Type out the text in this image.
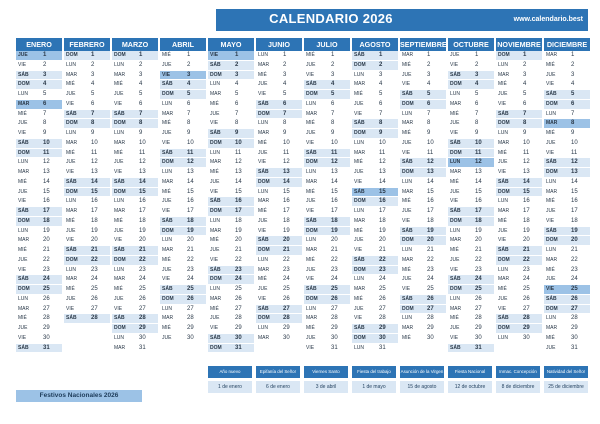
CALENDARIO 2026	www.calendario.best
ENERO
JUE	1
VIE	2
SÁB 3
DOM 4
LUN 5
MAR 6
MIÉ	7
JUE	8
VIE	9
SÁB 10
DOM 11
LUN 12
MAR 13
MIÉ	14
JUE	15
VIE	16
SÁB 17
DOM 18
LUN 19
MAR 20
MIÉ	21
JUE	22
VIE	23
SÁB 24
DOM 25
LUN 26
MAR 27
MIÉ	28
JUE	29
VIE	30
SÁB 31
FEBRERO
DOM 1
LUN 2
MAR 3
MIÉ	4
JUE	5
VIE	6
SÁB 7
DOM 8
LUN 9
MAR 10
MIÉ	11
JUE	12
VIE	13
SÁB 14
DOM 15
LUN 16
MAR 17
MIÉ	18
JUE	19
VIE	20
SÁB 21
DOM 22
LUN 23
MAR 24
MIÉ	25
JUE	26
VIE	27
SÁB 28
MARZO
DOM 1
LUN 2
MAR 3
MIÉ	4
JUE	5
VIE	6
SÁB 7
DOM 8
LUN 9
MAR 10
MIÉ	11
JUE	12
VIE	13
SÁB 14
DOM 15
LUN 16
MAR 17
MIÉ	18
JUE	19
VIE	20
SÁB 21
DOM 22
LUN 23
MAR 24
MIÉ	25
JUE	26
VIE	27
SÁB 28
DOM 29
LUN 30
MAR 31
ABRIL
MIÉ	1
JUE	2
VIE	3
SÁB 4
DOM 5
LUN 6
MAR 7
MIÉ	8
JUE	9
VIE	10
SÁB 11
DOM 12
LUN 13
MAR 14
MIÉ	15
JUE	16
VIE	17
SÁB 18
DOM 19
LUN 20
MAR 21
MIÉ	22
JUE	23
VIE	24
SÁB 25
DOM 26
LUN 27
MAR 28
MIÉ	29
JUE	30
MAYO
VIE	1
SÁB 2
DOM 3
LUN 4
MAR 5
MIÉ	6
JUE	7
VIE	8
SÁB 9
DOM 10
LUN 11
MAR 12
MIÉ	13
JUE	14
VIE	15
SÁB 16
DOM 17
LUN 18
MAR 19
MIÉ	20
JUE	21
VIE	22
SÁB 23
DOM 24
LUN 25
MAR 26
MIÉ	27
JUE	28
VIE	29
SÁB 30
DOM 31
JUNIO
LUN 1
MAR 2
MIÉ	3
JUE	4
VIE	5
SÁB 6
DOM 7
LUN 8
MAR 9
MIÉ	10
JUE	11
VIE	12
SÁB 13
DOM 14
LUN 15
MAR 16
MIÉ	17
JUE	18
VIE	19
SÁB 20
DOM 21
LUN 22
MAR 23
MIÉ	24
JUE	25
VIE	26
SÁB 27
DOM 28
LUN 29
MAR 30
JULIO
MIÉ	1
JUE	2
VIE	3
SÁB 4
DOM 5
LUN 6
MAR 7
MIÉ	8
JUE	9
VIE	10
SÁB 11
DOM 12
LUN 13
MAR 14
MIÉ	15
JUE	16
VIE	17
SÁB 18
DOM 19
LUN 20
MAR 21
MIÉ	22
JUE	23
VIE	24
SÁB 25
DOM 26
LUN 27
MAR 28
MIÉ	29
JUE	30
VIE	31
AGOSTO
SÁB 1
DOM 2
LUN 3
MAR 4
MIÉ	5
JUE	6
VIE	7
SÁB 8
DOM 9
LUN 10
MAR 11
MIÉ	12
JUE	13
VIE	14
SÁB 15
DOM 16
LUN 17
MAR 18
MIÉ	19
JUE	20
VIE	21
SÁB 22
DOM 23
LUN 24
MAR 25
MIÉ	26
JUE	27
VIE	28
SÁB 29
DOM 30
LUN 31
SEPTIEMBRE
MAR 1
MIÉ	2
JUE	3
VIE	4
SÁB 5
DOM 6
LUN 7
MAR 8
MIÉ	9
JUE	10
VIE	11
SÁB 12
DOM 13
LUN 14
MAR 15
MIÉ	16
JUE	17
VIE	18
SÁB 19
DOM 20
LUN 21
MAR 22
MIÉ	23
JUE	24
VIE	25
SÁB 26
DOM 27
LUN 28
MAR 29
MIÉ	30
OCTUBRE
JUE	1
VIE	2
SÁB 3
DOM 4
LUN 5
MAR 6
MIÉ	7
JUE	8
VIE	9
SÁB 10
DOM 11
LUN 12
MAR 13
MIÉ	14
JUE	15
VIE	16
SÁB 17
DOM 18
LUN 19
MAR 20
MIÉ	21
JUE	22
VIE	23
SÁB 24
DOM 25
LUN 26
MAR 27
MIÉ	28
JUE	29
VIE	30
SÁB 31
NOVIEMBRE
DOM 1
LUN 2
MAR 3
MIÉ	4
JUE	5
VIE	6
SÁB 7
DOM 8
LUN 9
MAR 10
MIÉ	11
JUE	12
VIE	13
SÁB 14
DOM 15
LUN 16
MAR 17
MIÉ	18
JUE	19
VIE	20
SÁB 21
DOM 22
LUN 23
MAR 24
MIÉ	25
JUE	26
VIE	27
SÁB 28
DOM 29
LUN 30
DICIEMBRE
MAR 1
MIÉ	2
JUE	3
VIE	4
SÁB 5
DOM 6
LUN 7
MAR 8
MIÉ	9
JUE	10
VIE	11
SÁB 12
DOM 13
LUN 14
MAR 15
MIÉ	16
JUE	17
VIE	18
SÁB 19
DOM 20
LUN 21
MAR 22
MIÉ	23
JUE	24
VIE	25
SÁB 26
DOM 27
LUN 28
MAR 29
MIÉ	30
JUE	31
Festivos Nacionales 2026
Año nuevo
1 de enero
Epifanía del Señor
6 de enero
Viernes Santo
3 de abril
Fiesta del trabajo
1 de mayo
Asunción de la Virgen
15 de agosto
Fiesta Nacional
12 de octubre
Inmac. Concepción
8 de diciembre
Natividad del Señor
25 de diciembre
